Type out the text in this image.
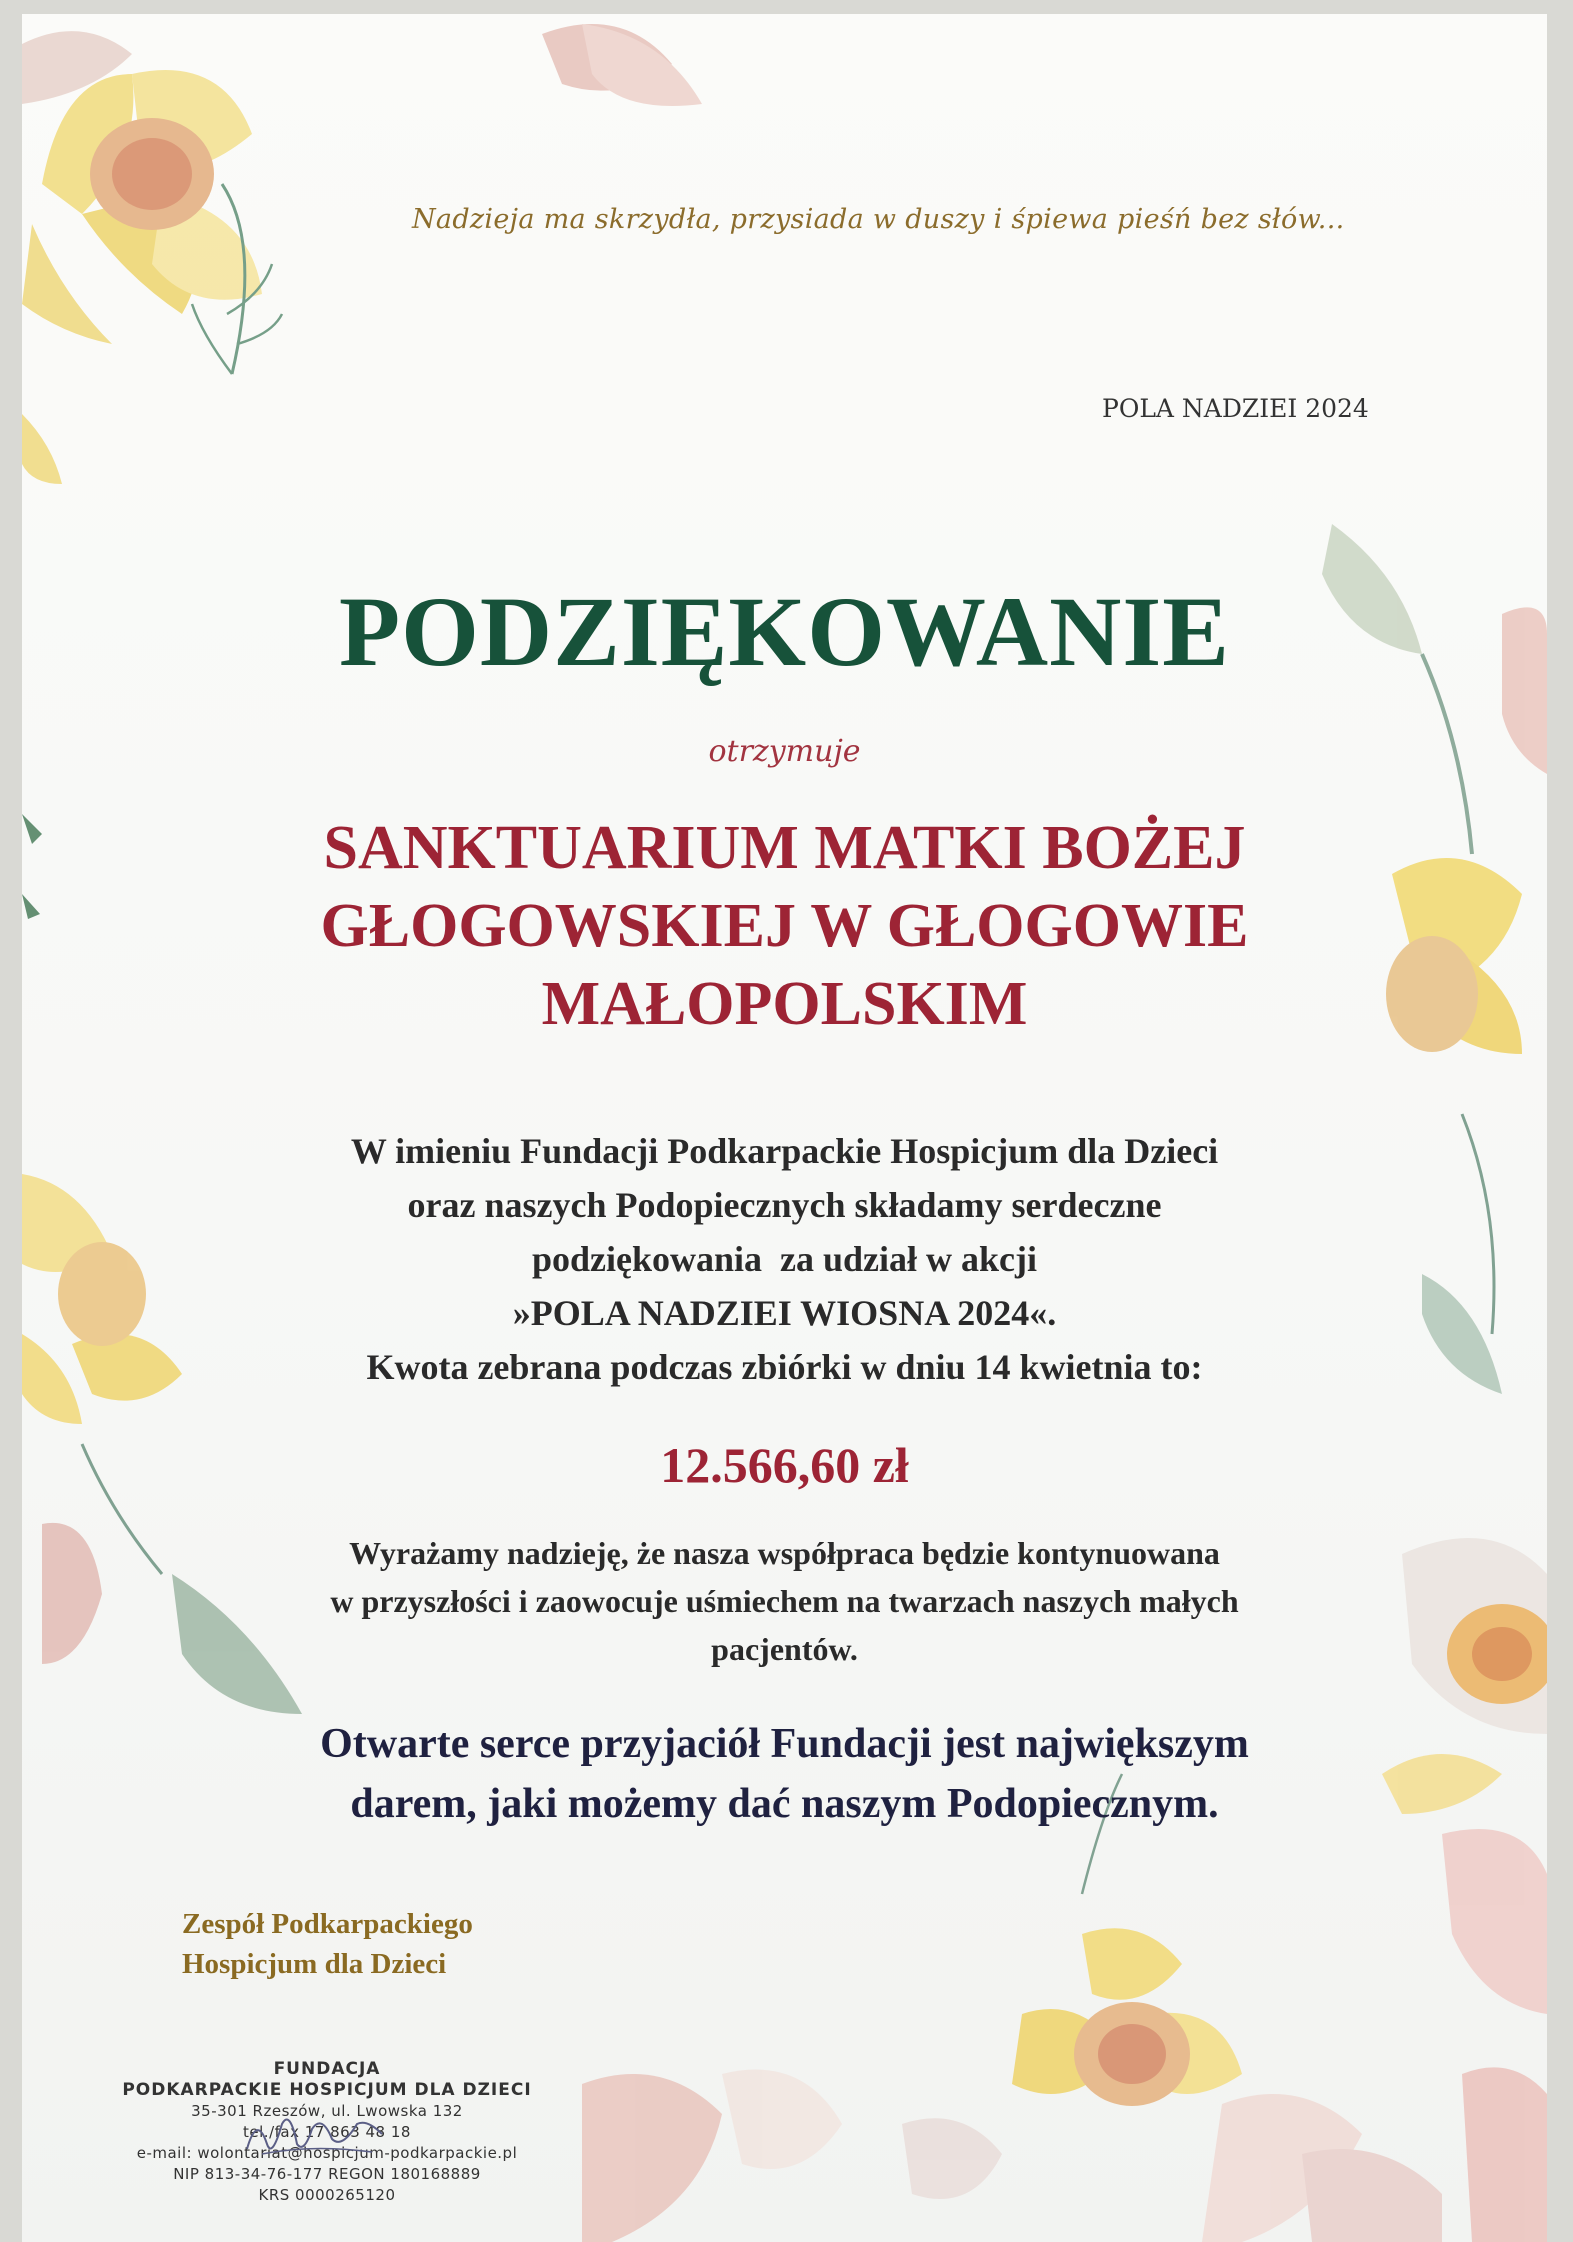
Nadzieja ma skrzydła, przysiada w duszy i śpiewa pieśń bez słów...
POLA NADZIEI 2024
PODZIĘKOWANIE
otrzymuje
SANKTUARIUM MATKI BOŻEJ
GŁOGOWSKIEJ W GŁOGOWIE
MAŁOPOLSKIM
W imieniu Fundacji Podkarpackie Hospicjum dla Dzieci
oraz naszych Podopiecznych składamy serdeczne
podziękowania  za udział w akcji
»POLA NADZIEI WIOSNA 2024«.
Kwota zebrana podczas zbiórki w dniu 14 kwietnia to:
12.566,60 zł
Wyrażamy nadzieję, że nasza współpraca będzie kontynuowana
w przyszłości i zaowocuje uśmiechem na twarzach naszych małych
pacjentów.
Otwarte serce przyjaciół Fundacji jest największym
darem, jaki możemy dać naszym Podopiecznym.
Zespół Podkarpackiego
Hospicjum dla Dzieci
FUNDACJA
PODKARPACKIE HOSPICJUM DLA DZIECI
35-301 Rzeszów, ul. Lwowska 132
tel./fax 17 863 48 18
e-mail: wolontariat@hospicjum-podkarpackie.pl
NIP 813-34-76-177 REGON 180168889
KRS 0000265120
